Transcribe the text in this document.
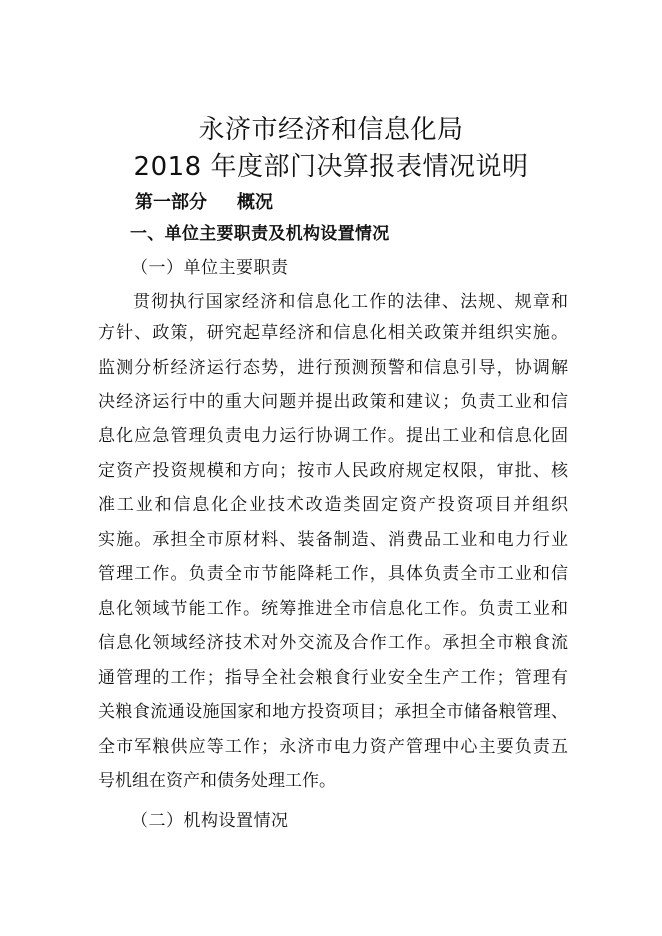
永济市经济和信息化局
2018 年度部门决算报表情况说明
第一部分 概况
一、单位主要职责及机构设置情况
（一）单位主要职责
贯彻执行国家经济和信息化工作的法律、法规、规章和
方针、政策，研究起草经济和信息化相关政策并组织实施。
监测分析经济运行态势，进行预测预警和信息引导，协调解
决经济运行中的重大问题并提出政策和建议；负责工业和信
息化应急管理负责电力运行协调工作。提出工业和信息化固
定资产投资规模和方向；按市人民政府规定权限，审批、核
准工业和信息化企业技术改造类固定资产投资项目并组织
实施。承担全市原材料、装备制造、消费品工业和电力行业
管理工作。负责全市节能降耗工作，具体负责全市工业和信
息化领域节能工作。统筹推进全市信息化工作。负责工业和
信息化领域经济技术对外交流及合作工作。承担全市粮食流
通管理的工作；指导全社会粮食行业安全生产工作；管理有
关粮食流通设施国家和地方投资项目；承担全市储备粮管理、
全市军粮供应等工作；永济市电力资产管理中心主要负责五
号机组在资产和债务处理工作。
（二）机构设置情况
